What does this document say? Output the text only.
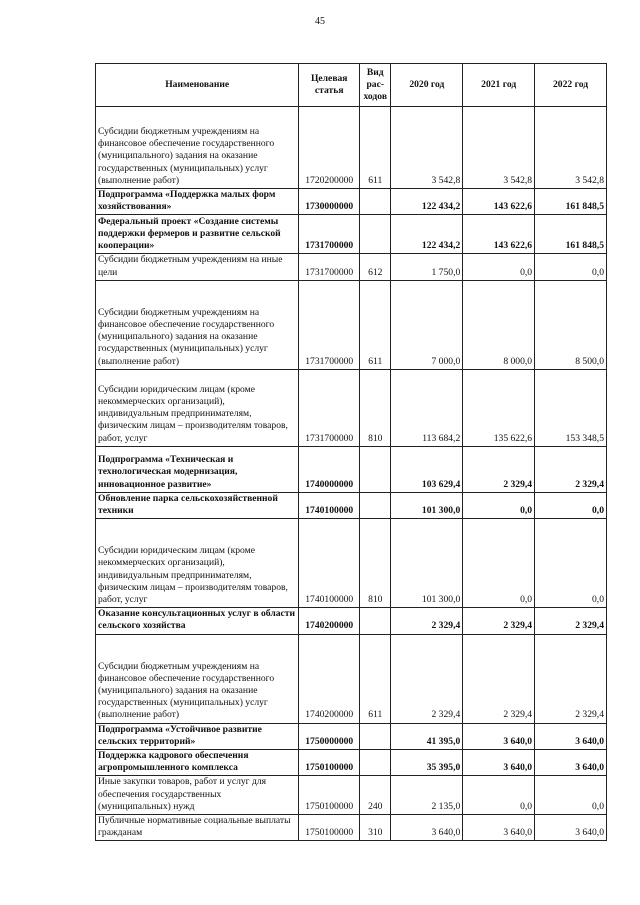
45
Наименование	Целевая статья	Вид рас-ходов	2020 год	2021 год	2022 год
Субсидии бюджетным учреждениям на финансовое обеспечение государственного (муниципального) задания на оказание государственных (муниципальных) услуг (выполнение работ)	1720200000	611	3 542,8	3 542,8	3 542,8
Подпрограмма «Поддержка малых форм хозяйствования»	1730000000		122 434,2	143 622,6	161 848,5
Федеральный проект «Создание системы поддержки фермеров и развитие сельской кооперации»	1731700000		122 434,2	143 622,6	161 848,5
Субсидии бюджетным учреждениям на иные цели	1731700000	612	1 750,0	0,0	0,0
Субсидии бюджетным учреждениям на финансовое обеспечение государственного (муниципального) задания на оказание государственных (муниципальных) услуг (выполнение работ)	1731700000	611	7 000,0	8 000,0	8 500,0
Субсидии юридическим лицам (кроме некоммерческих организаций), индивидуальным предпринимателям, физическим лицам – производителям товаров, работ, услуг	1731700000	810	113 684,2	135 622,6	153 348,5
Подпрограмма «Техническая и технологическая модернизация, инновационное развитие»	1740000000		103 629,4	2 329,4	2 329,4
Обновление парка сельскохозяйственной техники	1740100000		101 300,0	0,0	0,0
Субсидии юридическим лицам (кроме некоммерческих организаций), индивидуальным предпринимателям, физическим лицам – производителям товаров, работ, услуг	1740100000	810	101 300,0	0,0	0,0
Оказание консультационных услуг в области сельского хозяйства	1740200000		2 329,4	2 329,4	2 329,4
Субсидии бюджетным учреждениям на финансовое обеспечение государственного (муниципального) задания на оказание государственных (муниципальных) услуг (выполнение работ)	1740200000	611	2 329,4	2 329,4	2 329,4
Подпрограмма «Устойчивое развитие сельских территорий»	1750000000		41 395,0	3 640,0	3 640,0
Поддержка кадрового обеспечения агропромышленного комплекса	1750100000		35 395,0	3 640,0	3 640,0
Иные закупки товаров, работ и услуг для обеспечения государственных (муниципальных) нужд	1750100000	240	2 135,0	0,0	0,0
Публичные нормативные социальные выплаты гражданам	1750100000	310	3 640,0	3 640,0	3 640,0
